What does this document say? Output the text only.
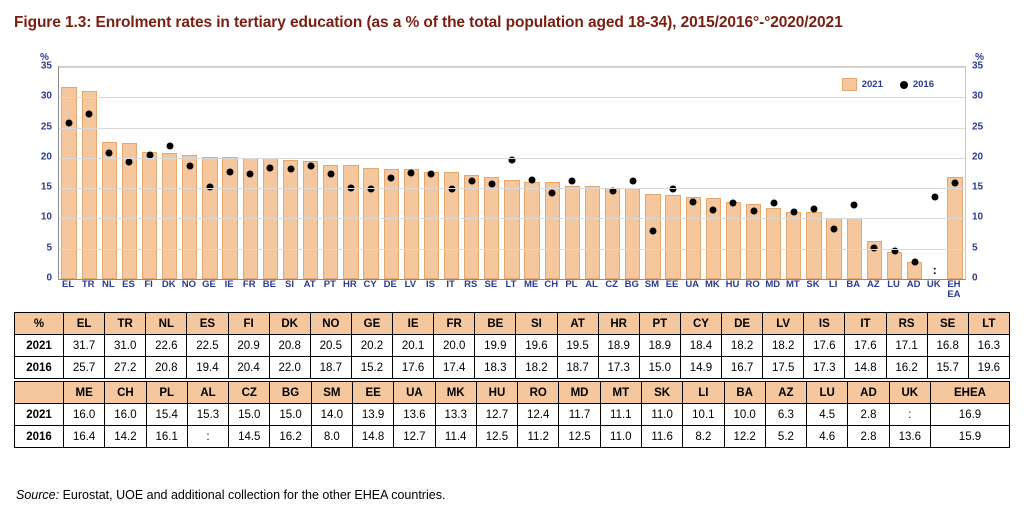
Figure 1.3: Enrolment rates in tertiary education (as a % of the total population aged 18-34), 2015/2016°-°2020/2021
%	%
:
0
5
10
15
20
25
30
35
0
5
10
15
20
25
30
35
EL TR NL ES FI DK NO GE IE FR BE SI AT PT HR CY DE LV IS IT RS SE LT ME CH PL AL CZ BG SM EE UA MK HU RO MD MT SK LI BA AZ LU AD UK EH
EA
2021	2016
%	EL	TR	NL	ES	FI	DK	NO	GE	IE	FR	BE	SI	AT	HR	PT	CY	DE	LV	IS	IT	RS	SE	LT
2021	31.7	31.0	22.6	22.5	20.9	20.8	20.5	20.2	20.1	20.0	19.9	19.6	19.5	18.9	18.9	18.4	18.2	18.2	17.6	17.6	17.1	16.8	16.3
2016	25.7	27.2	20.8	19.4	20.4	22.0	18.7	15.2	17.6	17.4	18.3	18.2	18.7	17.3	15.0	14.9	16.7	17.5	17.3	14.8	16.2	15.7	19.6
	ME	CH	PL	AL	CZ	BG	SM	EE	UA	MK	HU	RO	MD	MT	SK	LI	BA	AZ	LU	AD	UK	EHEA
2021	16.0	16.0	15.4	15.3	15.0	15.0	14.0	13.9	13.6	13.3	12.7	12.4	11.7	11.1	11.0	10.1	10.0	6.3	4.5	2.8	:	16.9
2016	16.4	14.2	16.1	:	14.5	16.2	8.0	14.8	12.7	11.4	12.5	11.2	12.5	11.0	11.6	8.2	12.2	5.2	4.6	2.8	13.6	15.9
Source: Eurostat, UOE and additional collection for the other EHEA countries.
